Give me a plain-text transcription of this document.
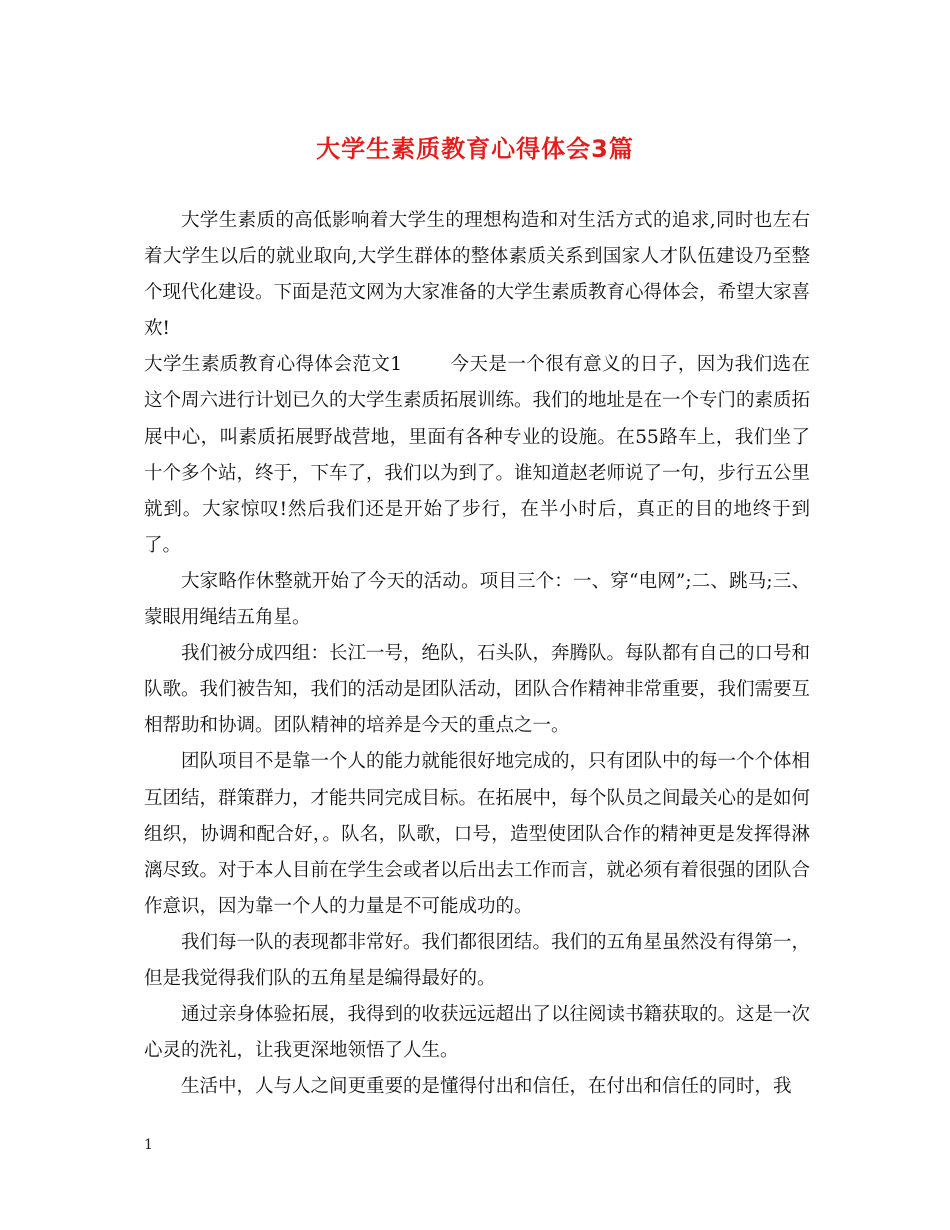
大学生素质教育心得体会3篇

大学生素质的高低影响着大学生的理想构造和对生活方式的追求,同时也左右着大学生以后的就业取向,大学生群体的整体素质关系到国家人才队伍建设乃至整个现代化建设。下面是范文网为大家准备的大学生素质教育心得体会，希望大家喜欢!

大学生素质教育心得体会范文1	今天是一个很有意义的日子，因为我们选在这个周六进行计划已久的大学生素质拓展训练。我们的地址是在一个专门的素质拓展中心，叫素质拓展野战营地，里面有各种专业的设施。在55路车上，我们坐了十个多个站，终于，下车了，我们以为到了。谁知道赵老师说了一句，步行五公里就到。大家惊叹!然后我们还是开始了步行，在半小时后，真正的目的地终于到了。

大家略作休整就开始了今天的活动。项目三个：一、穿“电网”;二、跳马;三、蒙眼用绳结五角星。

我们被分成四组：长江一号，绝队，石头队，奔腾队。每队都有自己的口号和队歌。我们被告知，我们的活动是团队活动，团队合作精神非常重要，我们需要互相帮助和协调。团队精神的培养是今天的重点之一。

团队项目不是靠一个人的能力就能很好地完成的，只有团队中的每一个个体相互团结，群策群力，才能共同完成目标。在拓展中，每个队员之间最关心的是如何组织，协调和配合好，。队名，队歌，口号，造型使团队合作的精神更是发挥得淋漓尽致。对于本人目前在学生会或者以后出去工作而言，就必须有着很强的团队合作意识，因为靠一个人的力量是不可能成功的。

我们每一队的表现都非常好。我们都很团结。我们的五角星虽然没有得第一，但是我觉得我们队的五角星是编得最好的。

通过亲身体验拓展，我得到的收获远远超出了以往阅读书籍获取的。这是一次心灵的洗礼，让我更深地领悟了人生。

生活中，人与人之间更重要的是懂得付出和信任，在付出和信任的同时，我

1
